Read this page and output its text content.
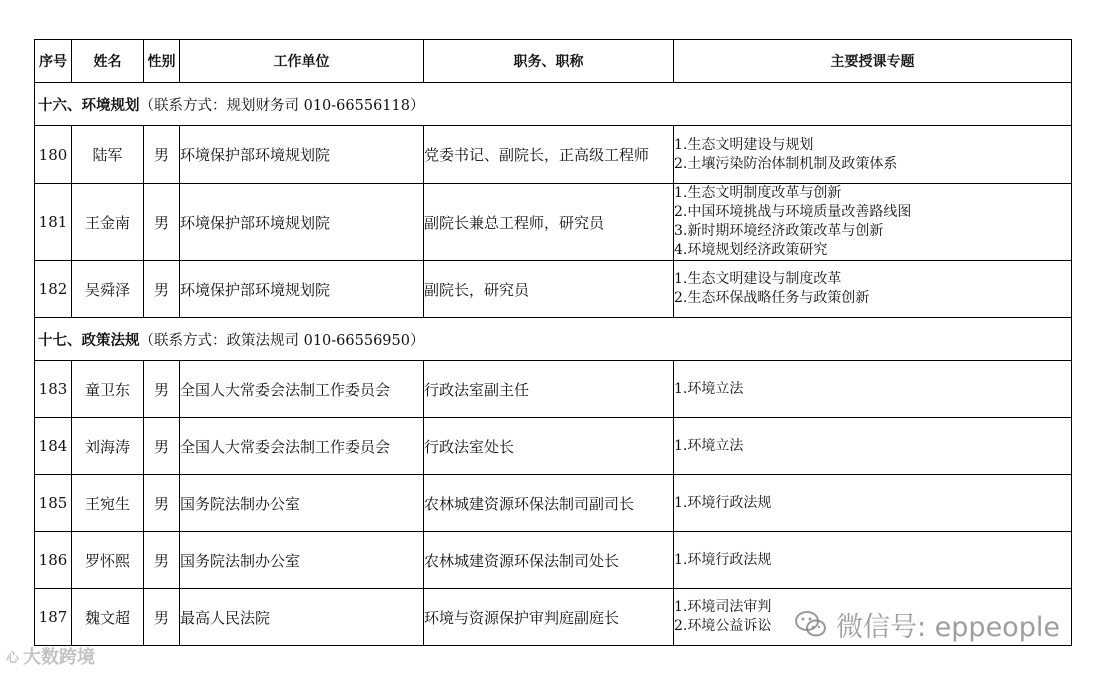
序号	姓名	性别	工作单位	职务、职称	主要授课专题
十六、环境规划（联系方式：规划财务司 010-66556118）					
180	陆军	男	环境保护部环境规划院	党委书记、副院长，正高级工程师	1.生态文明建设与规划
2.土壤污染防治体制机制及政策体系

181	王金南	男	环境保护部环境规划院	副院长兼总工程师，研究员	1.生态文明制度改革与创新
2.中国环境挑战与环境质量改善路线图
3.新时期环境经济政策改革与创新
4.环境规划经济政策研究

182	吴舜泽	男	环境保护部环境规划院	副院长，研究员	1.生态文明建设与制度改革
2.生态环保战略任务与政策创新

十七、政策法规（联系方式：政策法规司 010-66556950）					
183	童卫东	男	全国人大常委会法制工作委员会	行政法室副主任	1.环境立法

184	刘海涛	男	全国人大常委会法制工作委员会	行政法室处长	1.环境立法

185	王宛生	男	国务院法制办公室	农林城建资源环保法制司副司长	1.环境行政法规

186	罗怀熙	男	国务院法制办公室	农林城建资源环保法制司处长	1.环境行政法规

187	魏文超	男	最高人民法院	环境与资源保护审判庭副庭长	1.环境司法审判
2.环境公益诉讼	微信号: eppeople
心 大数跨境
